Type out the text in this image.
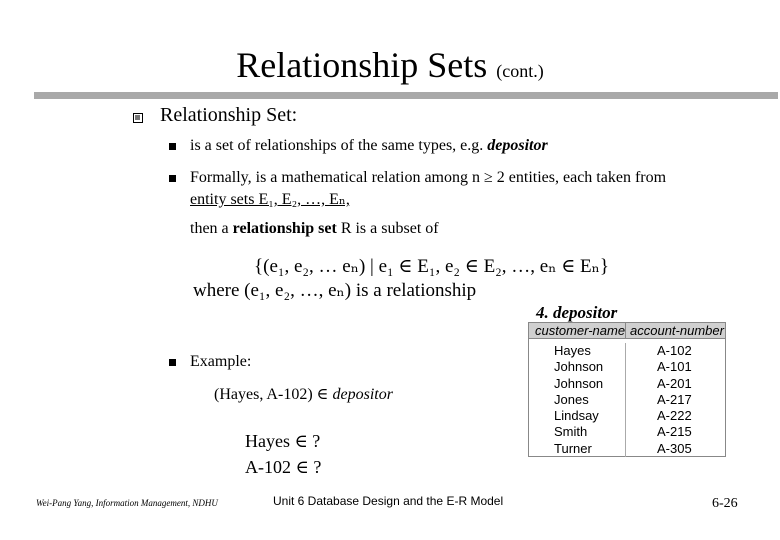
Relationship Sets (cont.)
Relationship Set:
is a set of relationships of the same types, e.g. depositor
Formally, is a mathematical relation among n ≥ 2 entities, each taken from
entity sets E₁, E₂, …, Eₙ,
then a relationship set R is a subset of
{(e₁, e₂, … eₙ) | e₁ ∈ E₁, e₂ ∈ E₂, …, eₙ ∈ Eₙ}
where (e₁, e₂, …, eₙ) is a relationship
4. depositor
customer-name account-number
Hayes
Johnson
Johnson
Jones
Lindsay
Smith
Turner
A-102
A-101
A-201
A-217
A-222
A-215
A-305
Example:
(Hayes, A-102) ∈ depositor
Hayes ∈ ?
A-102 ∈ ?
Wei-Pang Yang, Information Management, NDHU	Unit 6 Database Design and the E-R Model	6-26
